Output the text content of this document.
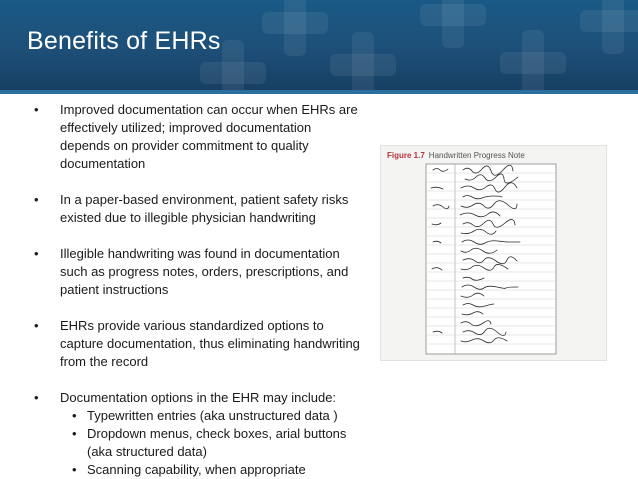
Benefits of EHRs
• Improved documentation can occur when EHRs are effectively utilized; improved documentation depends on provider commitment to quality documentation
• In a paper-based environment, patient safety risks existed due to illegible physician handwriting
• Illegible handwriting was found in documentation such as progress notes, orders, prescriptions, and patient instructions
• EHRs provide various standardized options to capture documentation, thus eliminating handwriting from the record
• Documentation options in the EHR may include:
• Typewritten entries (aka unstructured data )
• Dropdown menus, check boxes, arial buttons (aka structured data)
• Scanning capability, when appropriate
Figure 1.7 Handwritten Progress Note
